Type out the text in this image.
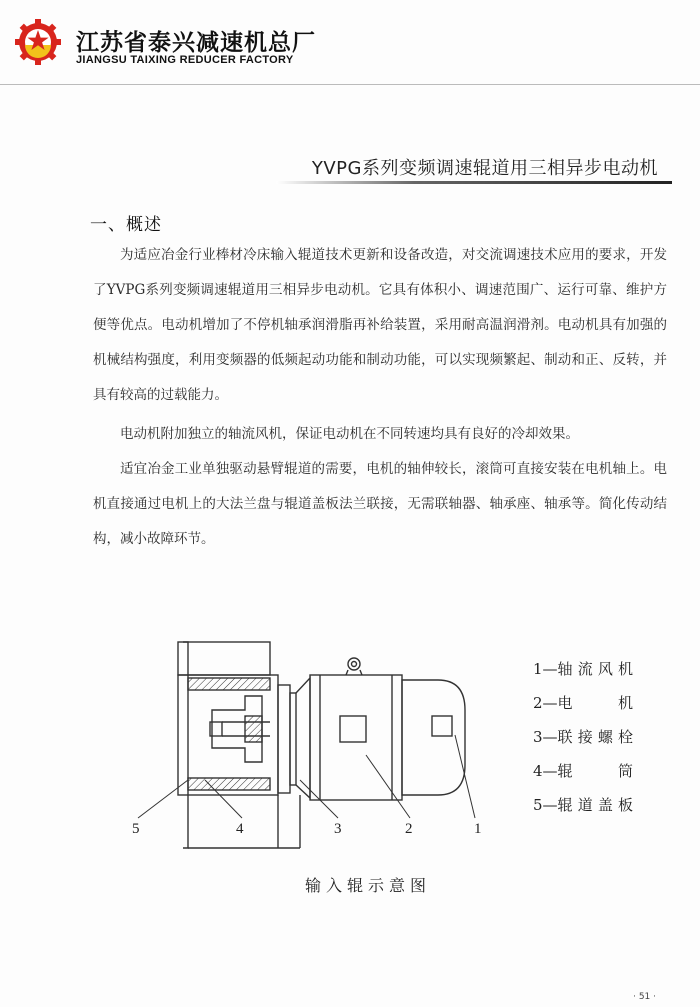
江苏省泰兴减速机总厂
JIANGSU TAIXING REDUCER FACTORY
YVPG系列变频调速辊道用三相异步电动机
一、概述
为适应冶金行业棒材冷床输入辊道技术更新和设备改造，对交流调速技术应用的要求，开发了YVPG系列变频调速辊道用三相异步电动机。它具有体积小、调速范围广、运行可靠、维护方便等优点。电动机增加了不停机轴承润滑脂再补给装置，采用耐高温润滑剂。电动机具有加强的机械结构强度，利用变频器的低频起动功能和制动功能，可以实现频繁起、制动和正、反转，并具有较高的过载能力。
电动机附加独立的轴流风机，保证电动机在不同转速均具有良好的冷却效果。
适宜冶金工业单独驱动悬臂辊道的需要，电机的轴伸较长，滚筒可直接安装在电机轴上。电机直接通过电机上的大法兰盘与辊道盖板法兰联接，无需联轴器、轴承座、轴承等。简化传动结构，减小故障环节。
5	4	3	2	1
输入辊示意图
1— 轴 流 风 机
2— 电	机
3— 联 接 螺 栓
4— 辊	筒
5— 辊 道 盖 板
· 51 ·
